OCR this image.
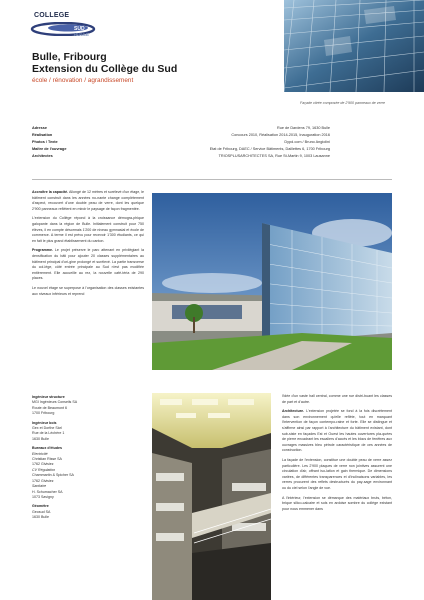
COLLEGE
SUD
BULLE
Façade vitrée composée de 2'900 panneaux de verre
Bulle, Fribourg
Extension du Collège du Sud
école / rénovation / agrandissement
Adresse	Rue de Dardens 79, 1630 Bulle
Réalisation	Concours 2010, Réalisation 2014-2015, Inauguration 2016
Photos / Texte	Dypd.com / Bruno Angiolini
Maître de l'ouvrage	Etat de Fribourg, DAEC / Service Bâtiments, Daillettes 6, 1700 Fribourg
Architectes	TRIOSPLUSARCHITECTES SA, Rue St-Martin 9, 1003 Lausanne

Accroître la capacité. Allongé de 12 mètres et surélevé d'un étage, le bâtiment construit dans les années no-nante change complètement d'aspect, recouvert d'une double peau de verre, dont les quelque 2'900 panneaux reflètent en miroir le paysage de façon fragmentée.

L'extension du Collège répond à la croissance démogra-phique galopante dans la région de Bulle. Initialement construit pour 750 élèves, il en compte désormais 1'200 de niveau gymnasial et école de commerce. A terme il est prévu pour recevoir 1'300 étudiants, ce qui en fait le plus grand établissement du canton.

Programme. Le projet préserve le parc attenant en privilégiant la densification du bâti pour ajouter 20 classes supplémentaires au bâtiment principal d'ori-gine prolongé et surélevé. La partie transverse du col-lège, côté entrée principale au Sud n'est pas modifiée entièrement. Elle accueille au rez, la nouvelle café-téria de 290 places.

Le nouvel étage se superpose à l'organisation des classes existantes aux niveaux inférieurs et reprend

Ingénieur structure
MGI Ingénieurs Conseils SA
Route de Beaumont 6
1700 Fribourg
Ingénieur bois
Gex et Dorthe Sàrl
Rue de la Léchère 1
1630 Bulle
Bureaux d'études
Electricité
Christian Risse SA
1762 Givisiez
CV Régulation
Chammartin & Spicher SA
1762 Givisiez
Sanitaire
H. Schumacher SA
1073 Savigny
Géomètre
Geosud SA
1630 Bulle

l'idée d'un vaste hall central, comme une rue distri-buant les classes de part et d'autre.

Architecture. L'extension projetée se fond à la fois discrètement dans son environnement qu'elle reflète, tout en marquant l'intervention de façon contempo-raine et forte. Elle se distingue et s'affirme ainsi par rapport à l'architecture du bâtiment existant, dont sub-siste en façades Est et Ouest les hautes ouvertures pla-quées de pierre encadrant les escaliers d'accès et les blocs de fenêtres aux ouvrages massives bleu pétrole caractéristique de ces années de construction.

La façade de l'extension, constitue une double peau de verre assez particulière. Les 2'900 plaques de verre non jointives assurent une circulation d'air, offrant iso-lation et gain thermique. De dimensions variées, de différentes transparences et d'inclinaisons variables, les verres procurent des reflets destructurés du pay-sage environnant ou du ciel selon l'angle de vue.

A l'intérieur, l'extension se démarque des matériaux bruts, béton, brique silico-calcaire et sols en ardoise sombre du collège existant pour nous emmener dans
